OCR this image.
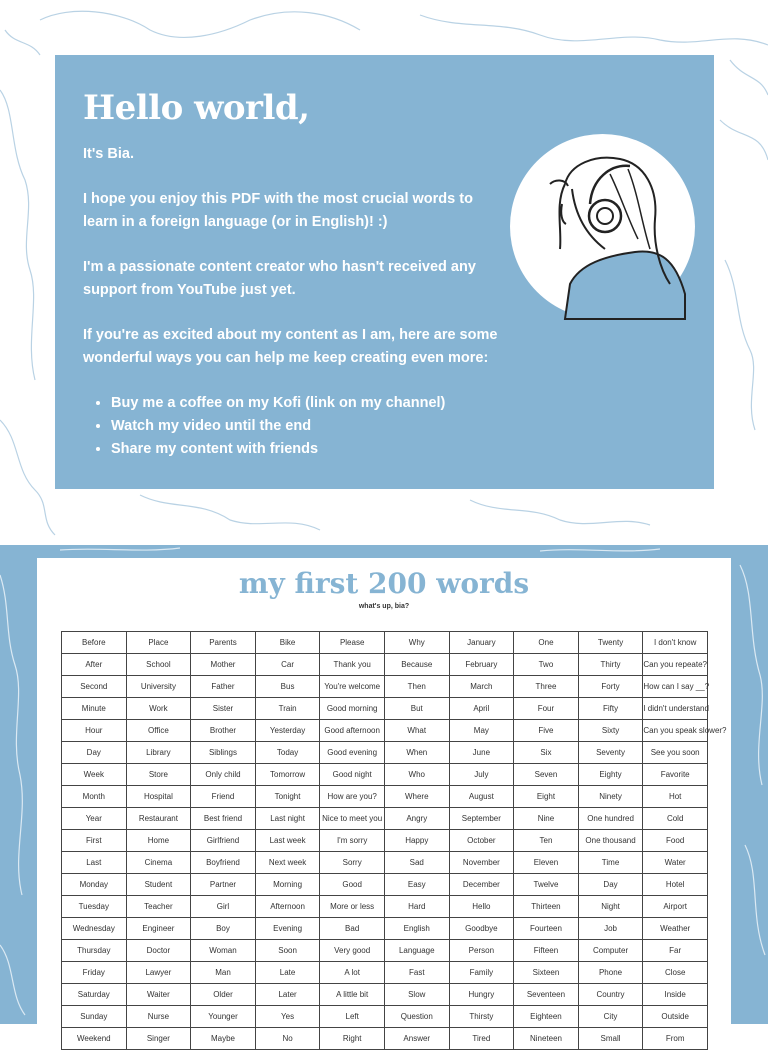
Hello world,

It's Bia.

I hope you enjoy this PDF with the most crucial words to learn in a foreign language (or in English)! :)

I'm a passionate content creator who hasn't received any support from YouTube just yet.

If you're as excited about my content as I am, here are some wonderful ways you can help me keep creating even more:

• Buy me a coffee on my Kofi (link on my channel)
• Watch my video until the end
• Share my content with friends
my first 200 words
what's up, bia?
Before	Place	Parents	Bike	Please	Why	January	One	Twenty	I don't know
After	School	Mother	Car	Thank you	Because	February	Two	Thirty	Can you repeate?
Second	University	Father	Bus	You're welcome	Then	March	Three	Forty	How can I say __?
Minute	Work	Sister	Train	Good morning	But	April	Four	Fifty	I didn't understand
Hour	Office	Brother	Yesterday	Good afternoon	What	May	Five	Sixty	Can you speak slower?
Day	Library	Siblings	Today	Good evening	When	June	Six	Seventy	See you soon
Week	Store	Only child	Tomorrow	Good night	Who	July	Seven	Eighty	Favorite
Month	Hospital	Friend	Tonight	How are you?	Where	August	Eight	Ninety	Hot
Year	Restaurant	Best friend	Last night	Nice to meet you	Angry	September	Nine	One hundred	Cold
First	Home	Girlfriend	Last week	I'm sorry	Happy	October	Ten	One thousand	Food
Last	Cinema	Boyfriend	Next week	Sorry	Sad	November	Eleven	Time	Water
Monday	Student	Partner	Morning	Good	Easy	December	Twelve	Day	Hotel
Tuesday	Teacher	Girl	Afternoon	More or less	Hard	Hello	Thirteen	Night	Airport
Wednesday	Engineer	Boy	Evening	Bad	English	Goodbye	Fourteen	Job	Weather
Thursday	Doctor	Woman	Soon	Very good	Language	Person	Fifteen	Computer	Far
Friday	Lawyer	Man	Late	A lot	Fast	Family	Sixteen	Phone	Close
Saturday	Waiter	Older	Later	A little bit	Slow	Hungry	Seventeen	Country	Inside
Sunday	Nurse	Younger	Yes	Left	Question	Thirsty	Eighteen	City	Outside
Weekend	Singer	Maybe	No	Right	Answer	Tired	Nineteen	Small	From
